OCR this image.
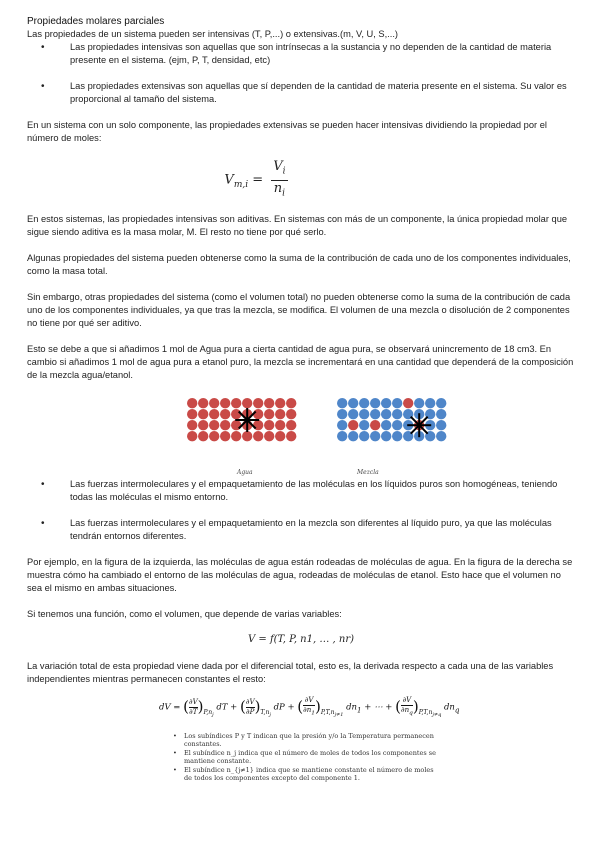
Propiedades molares parciales

Las propiedades de un sistema pueden ser intensivas (T, P,...) o extensivas.(m, V, U, S,...)

• Las propiedades intensivas son aquellas que son intrínsecas a la sustancia y no dependen de la cantidad de materia presente en el sistema. (ejm, P, T, densidad, etc)
• Las propiedades extensivas son aquellas que sí dependen de la cantidad de materia presente en el sistema. Su valor es proporcional al tamaño del sistema.

En un sistema con un solo componente, las propiedades extensivas se pueden hacer intensivas dividiendo la propiedad por el número de moles:

$V_{m,i} = \frac{V_i}{n_i}$

En estos sistemas, las propiedades intensivas son aditivas. En sistemas con más de un componente, la única propiedad molar que sigue siendo aditiva es la masa molar, M. El resto no tiene por qué serlo.

Algunas propiedades del sistema pueden obtenerse como la suma de la contribución de cada uno de los componentes individuales, como la masa total.

Sin embargo, otras propiedades del sistema (como el volumen total) no pueden obtenerse como la suma de la contribución de cada uno de los componentes individuales, ya que tras la mezcla, se modifica. El volumen de una mezcla o disolución de 2 componentes no tiene por qué ser aditivo.

Esto se debe a que si añadimos 1 mol de Agua pura a cierta cantidad de agua pura, se observará unincremento de 18 cm3. En cambio si añadimos 1 mol de agua pura a etanol puro, la mezcla se incrementará en una cantidad que dependerá de la composición de la mezcla agua/etanol.

Agua	Mezcla
• Las fuerzas intermoleculares y el empaquetamiento de las moléculas en los líquidos puros son homogéneas, teniendo todas las moléculas el mismo entorno.
• Las fuerzas intermoleculares y el empaquetamiento en la mezcla son diferentes al líquido puro, ya que las moléculas tendrán entornos diferentes.

Por ejemplo, en la figura de la izquierda, las moléculas de agua están rodeadas de moléculas de agua. En la figura de la derecha se muestra cómo ha cambiado el entorno de las moléculas de agua, rodeadas de moléculas de etanol. Esto hace que el volumen no sea el mismo en ambas situaciones.

Si tenemos una función, como el volumen, que depende de varias variables:

V = f(T, P, n1, … , nr)

La variación total de esta propiedad viene dada por el diferencial total, esto es, la derivada respecto a cada una de las variables independientes mientras permanecen constantes el resto:

dV = ( $\frac{\partial V}{\partial T} )_{P,n_j}$ dT + ( $\frac{\partial V}{\partial P} )_{T,n_j}$ dP + ( $\frac{\partial V}{\partial n_1} )_{P,T,n_{j\ne 1}}$ $dn_1$ + ⋯ + ( $\frac{\partial V}{\partial n_q} )_{P,T,n_{j\ne q}}$ $dn_q$
• Los subíndices P y T indican que la presión y/o la Temperatura permanecen constantes.
• El subíndice n_j indica que el número de moles de todos los componentes se mantiene constante.
• El subíndice n_{j≠1} indica que se mantiene constante el número de moles de todos los componentes excepto del componente 1.
